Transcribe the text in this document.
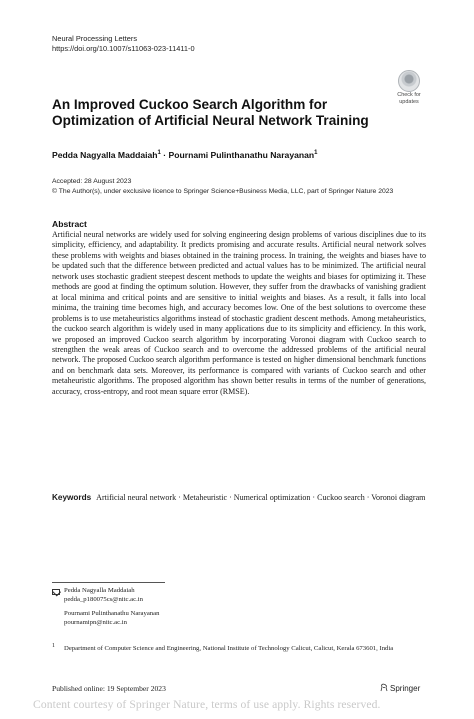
Neural Processing Letters
https://doi.org/10.1007/s11063-023-11411-0
Check for
updates
An Improved Cuckoo Search Algorithm for Optimization of Artificial Neural Network Training
Pedda Nagyalla Maddaiah$^1$ · Pournami Pulinthanathu Narayanan$^1$
Accepted: 28 August 2023
© The Author(s), under exclusive licence to Springer Science+Business Media, LLC, part of Springer Nature 2023
Abstract
Artificial neural networks are widely used for solving engineering design problems of various disciplines due to its simplicity, efficiency, and adaptability. It predicts promising and accurate results. Artificial neural network solves these problems with weights and biases obtained in the training process. In training, the weights and biases have to be updated such that the difference between predicted and actual values has to be minimized. The artificial neural network uses stochastic gradient steepest descent methods to update the weights and biases for optimizing it. These methods are good at finding the optimum solution. However, they suffer from the drawbacks of vanishing gradient at local minima and critical points and are sensitive to initial weights and biases. As a result, it falls into local minima, the training time becomes high, and accuracy becomes low. One of the best solutions to overcome these problems is to use metaheuristics algorithms instead of stochastic gradient descent methods. Among metaheuristics, the cuckoo search algorithm is widely used in many applications due to its simplicity and efficiency. In this work, we proposed an improved Cuckoo search algorithm by incorporating Voronoi diagram with Cuckoo search to strengthen the weak areas of Cuckoo search and to overcome the addressed problems of the artificial neural network. The proposed Cuckoo search algorithm performance is tested on higher dimensional benchmark functions and on benchmark data sets. Moreover, its performance is compared with variants of Cuckoo search and other metaheuristic algorithms. The proposed algorithm has shown better results in terms of the number of generations, accuracy, cross-entropy, and root mean square error (RMSE).
Keywords Artificial neural network · Metaheuristic · Numerical optimization · Cuckoo search · Voronoi diagram
Pedda Nagyalla Maddaiah
pedda_p180075cs@nitc.ac.in
Pournami Pulinthanathu Narayanan
pournamipn@nitc.ac.in
1 Department of Computer Science and Engineering, National Institute of Technology Calicut, Calicut, Kerala 673601, India
Published online: 19 September 2023	Springer
Content courtesy of Springer Nature, terms of use apply. Rights reserved.
